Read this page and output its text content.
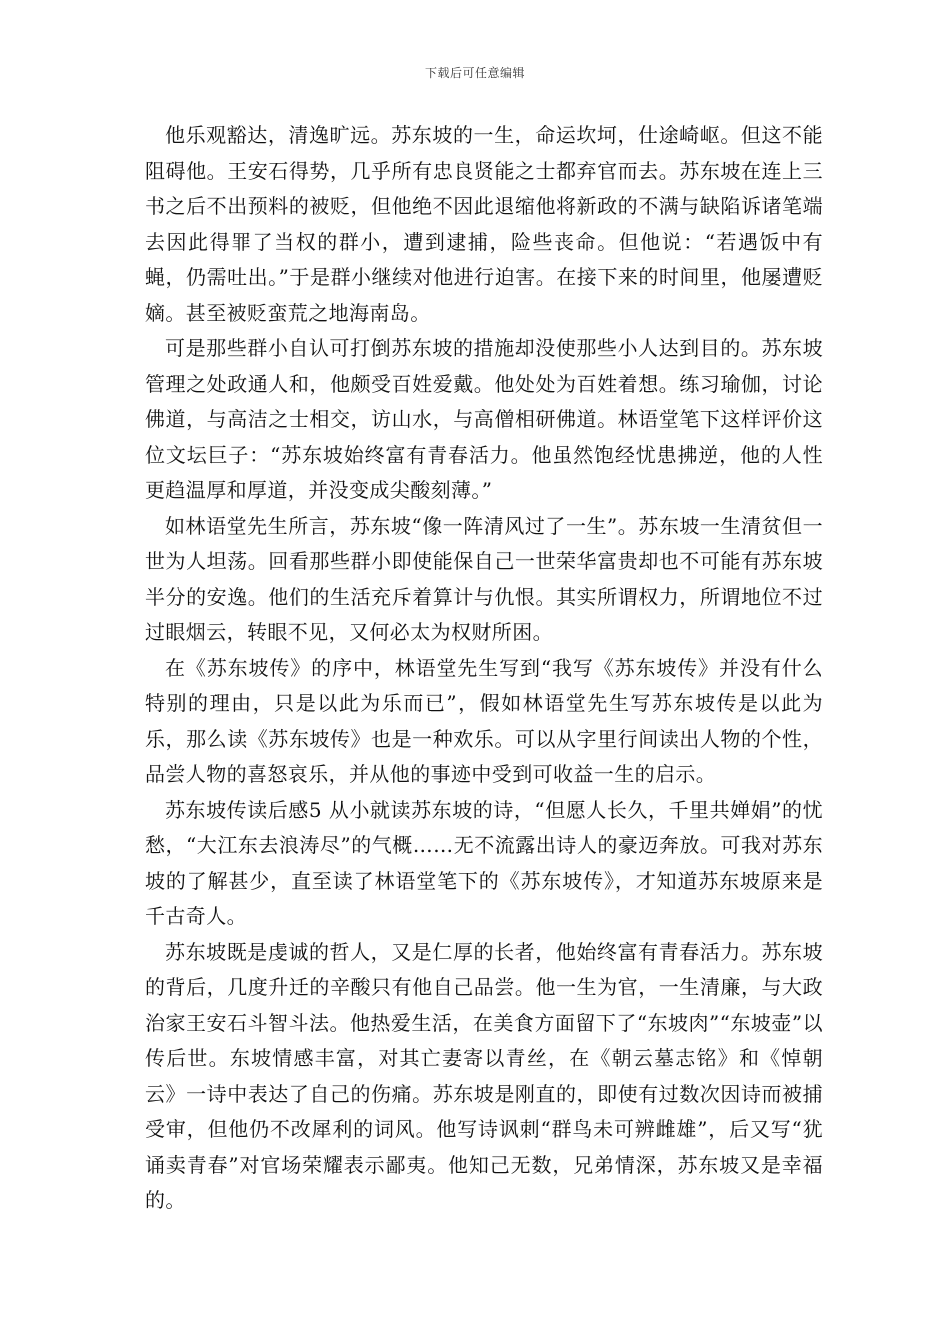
下载后可任意编辑

他乐观豁达，清逸旷远。苏东坡的一生，命运坎坷，仕途崎岖。但这不能阻碍他。王安石得势，几乎所有忠良贤能之士都弃官而去。苏东坡在连上三书之后不出预料的被贬，但他绝不因此退缩他将新政的不满与缺陷诉诸笔端去因此得罪了当权的群小，遭到逮捕，险些丧命。但他说：“若遇饭中有蝇，仍需吐出。”于是群小继续对他进行迫害。在接下来的时间里，他屡遭贬嫡。甚至被贬蛮荒之地海南岛。

可是那些群小自认可打倒苏东坡的措施却没使那些小人达到目的。苏东坡管理之处政通人和，他颇受百姓爱戴。他处处为百姓着想。练习瑜伽，讨论佛道，与高洁之士相交，访山水，与高僧相研佛道。林语堂笔下这样评价这位文坛巨子：“苏东坡始终富有青春活力。他虽然饱经忧患拂逆，他的人性更趋温厚和厚道，并没变成尖酸刻薄。”

如林语堂先生所言，苏东坡“像一阵清风过了一生”。苏东坡一生清贫但一世为人坦荡。回看那些群小即使能保自己一世荣华富贵却也不可能有苏东坡半分的安逸。他们的生活充斥着算计与仇恨。其实所谓权力，所谓地位不过过眼烟云，转眼不见，又何必太为权财所困。

在《苏东坡传》的序中，林语堂先生写到“我写《苏东坡传》并没有什么特别的理由，只是以此为乐而已”，假如林语堂先生写苏东坡传是以此为乐，那么读《苏东坡传》也是一种欢乐。可以从字里行间读出人物的个性，品尝人物的喜怒哀乐，并从他的事迹中受到可收益一生的启示。

苏东坡传读后感5 从小就读苏东坡的诗，“但愿人长久，千里共婵娟”的忧愁，“大江东去浪涛尽”的气概……无不流露出诗人的豪迈奔放。可我对苏东坡的了解甚少，直至读了林语堂笔下的《苏东坡传》，才知道苏东坡原来是千古奇人。

苏东坡既是虔诚的哲人，又是仁厚的长者，他始终富有青春活力。苏东坡的背后，几度升迁的辛酸只有他自己品尝。他一生为官，一生清廉，与大政治家王安石斗智斗法。他热爱生活，在美食方面留下了“东坡肉”“东坡壶”以传后世。东坡情感丰富，对其亡妻寄以青丝，在《朝云墓志铭》和《悼朝云》一诗中表达了自己的伤痛。苏东坡是刚直的，即使有过数次因诗而被捕受审，但他仍不改犀利的词风。他写诗讽刺“群鸟未可辨雌雄”，后又写“犹诵卖青春”对官场荣耀表示鄙夷。他知己无数，兄弟情深，苏东坡又是幸福的。
